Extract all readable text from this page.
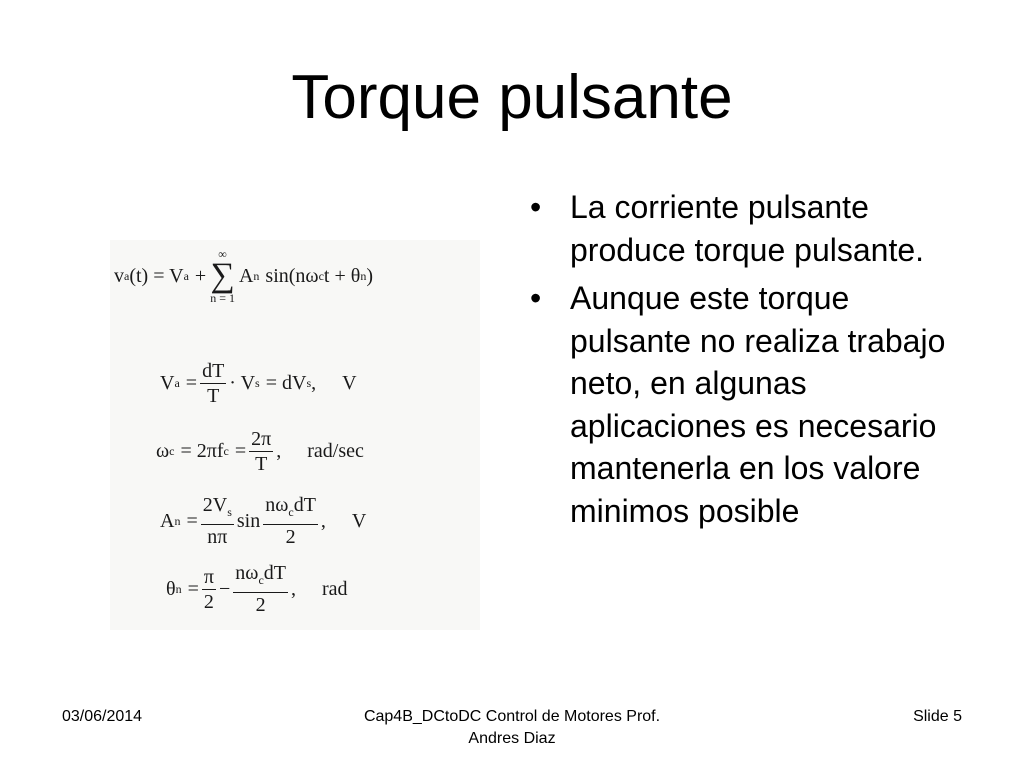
Torque pulsante
v a (t) = V a +
∞
∑
n = 1
A n sin(nω c t + θ n )
V $a = \frac{dT}{T} \cdot V$ s = dV s , V
ω c = 2πf $c = \frac{2\pi}{T}$ , rad/sec
A $n = \frac{2V_s}{n\pi}$ $\sin \frac{n\omega_cdT}{2}$ , V
θ $n = \frac{\pi}{2} - \frac{n\omega_cdT}{2}$ , rad
• La corriente pulsante produce torque pulsante.
• Aunque este torque pulsante no realiza trabajo neto, en algunas aplicaciones es necesario mantenerla en los valore minimos posible
03/06/2014	Cap4B_DCtoDC Control de Motores Prof. Andres Diaz
Slide 5
